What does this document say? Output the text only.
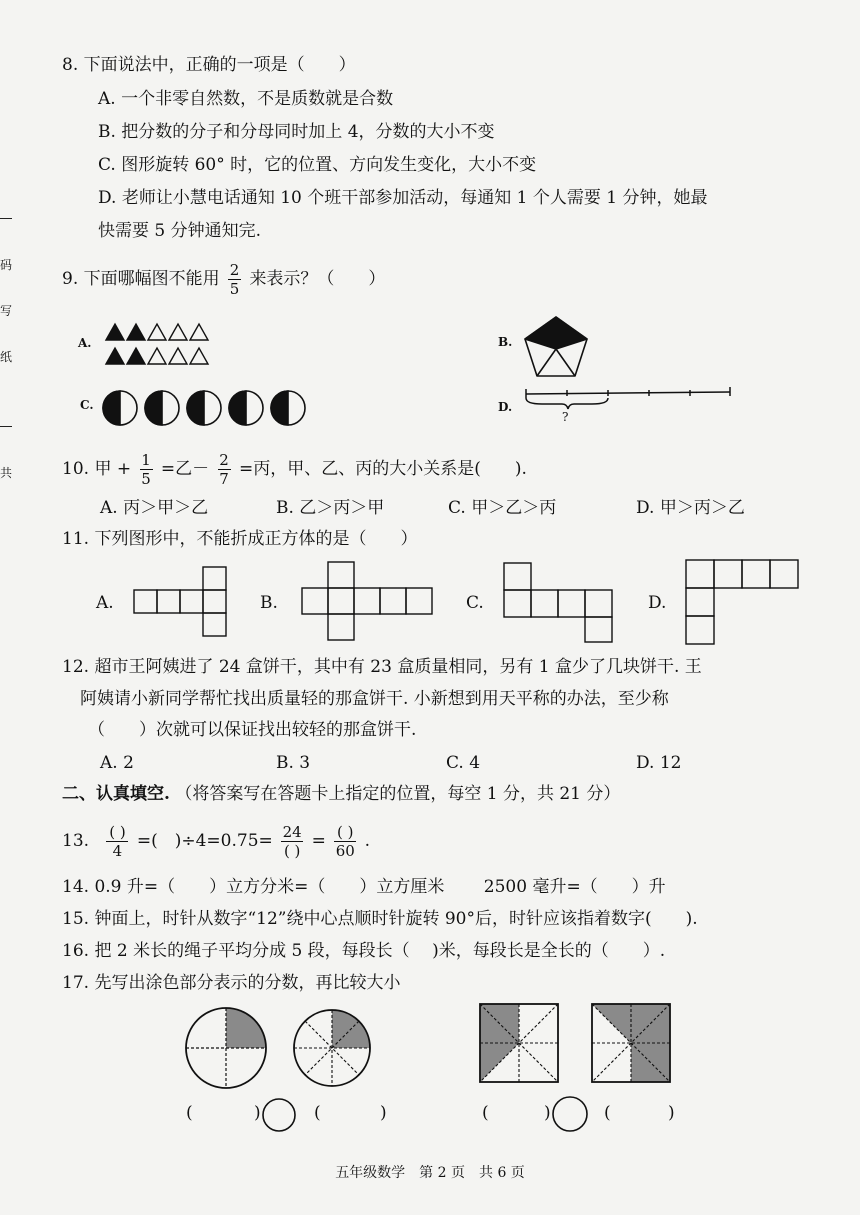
码
写
纸
共
8. 下面说法中，正确的一项是（　　）
A. 一个非零自然数，不是质数就是合数
B. 把分数的分子和分母同时加上 4，分数的大小不变
C. 图形旋转 60° 时，它的位置、方向发生变化，大小不变
D. 老师让小慧电话通知 10 个班干部参加活动，每通知 1 个人需要 1 分钟，她最
快需要 5 分钟通知完.
9. 下面哪幅图不能用 $\frac{2}{5}$ 来表示？（　　）
A.	B.
C.	D.
?
10. 甲 + $\frac{1}{5}$ =乙－ $\frac{2}{7}$ =丙，甲、乙、丙的大小关系是(　　).
A. 丙＞甲＞乙	B. 乙＞丙＞甲	C. 甲＞乙＞丙	D. 甲＞丙＞乙
11. 下列图形中，不能折成正方体的是（　　）
A.	B.	C.	D.
12. 超市王阿姨进了 24 盒饼干，其中有 23 盒质量相同，另有 1 盒少了几块饼干. 王
阿姨请小新同学帮忙找出质量轻的那盒饼干. 小新想到用天平称的办法，至少称
（　　）次就可以保证找出较轻的那盒饼干.
A. 2	B. 3	C. 4	D. 12
二、认真填空. （将答案写在答题卡上指定的位置，每空 1 分，共 21 分）
13. $\frac{( )}{4}$ =(　)$\div 4=0.75= \frac{24}{( )} = \frac{( )}{60}$ .
14. 0.9 升=（　　）立方分米=（　　）立方厘米　　 2500 毫升=（　　）升
15. 钟面上，时针从数字“12”绕中心点顺时针旋转 90°后，时针应该指着数字(　　).
16. 把 2 米长的绳子平均分成 5 段，每段长（　 )米，每段长是全长的（　　）.
17. 先写出涂色部分表示的分数，再比较大小
(	)	(	)	(	)	(	)
五年级数学　第 2 页　共 6 页
